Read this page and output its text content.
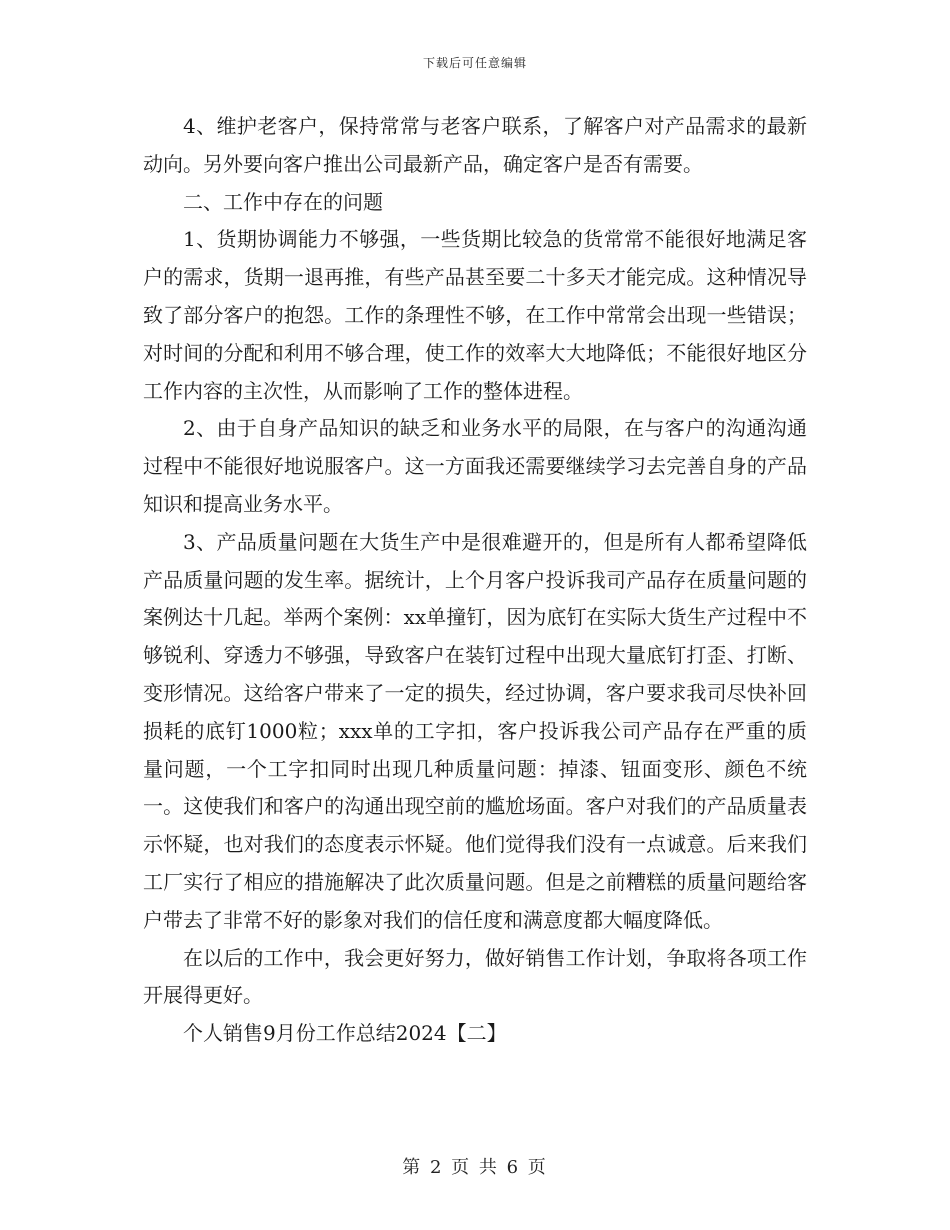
下载后可任意编辑

4、维护老客户，保持常常与老客户联系，了解客户对产品需求的最新动向。另外要向客户推出公司最新产品，确定客户是否有需要。

二、工作中存在的问题

1、货期协调能力不够强，一些货期比较急的货常常不能很好地满足客户的需求，货期一退再推，有些产品甚至要二十多天才能完成。这种情况导致了部分客户的抱怨。工作的条理性不够，在工作中常常会出现一些错误；对时间的分配和利用不够合理，使工作的效率大大地降低；不能很好地区分工作内容的主次性，从而影响了工作的整体进程。

2、由于自身产品知识的缺乏和业务水平的局限，在与客户的沟通沟通过程中不能很好地说服客户。这一方面我还需要继续学习去完善自身的产品知识和提高业务水平。

3、产品质量问题在大货生产中是很难避开的，但是所有人都希望降低产品质量问题的发生率。据统计，上个月客户投诉我司产品存在质量问题的案例达十几起。举两个案例：xx单撞钉，因为底钉在实际大货生产过程中不够锐利、穿透力不够强，导致客户在装钉过程中出现大量底钉打歪、打断、变形情况。这给客户带来了一定的损失，经过协调，客户要求我司尽快补回损耗的底钉1000粒；xxx单的工字扣，客户投诉我公司产品存在严重的质量问题，一个工字扣同时出现几种质量问题：掉漆、钮面变形、颜色不统一。这使我们和客户的沟通出现空前的尴尬场面。客户对我们的产品质量表示怀疑，也对我们的态度表示怀疑。他们觉得我们没有一点诚意。后来我们工厂实行了相应的措施解决了此次质量问题。但是之前糟糕的质量问题给客户带去了非常不好的影象对我们的信任度和满意度都大幅度降低。

在以后的工作中，我会更好努力，做好销售工作计划，争取将各项工作开展得更好。

个人销售9月份工作总结2024【二】

第 2 页 共 6 页
